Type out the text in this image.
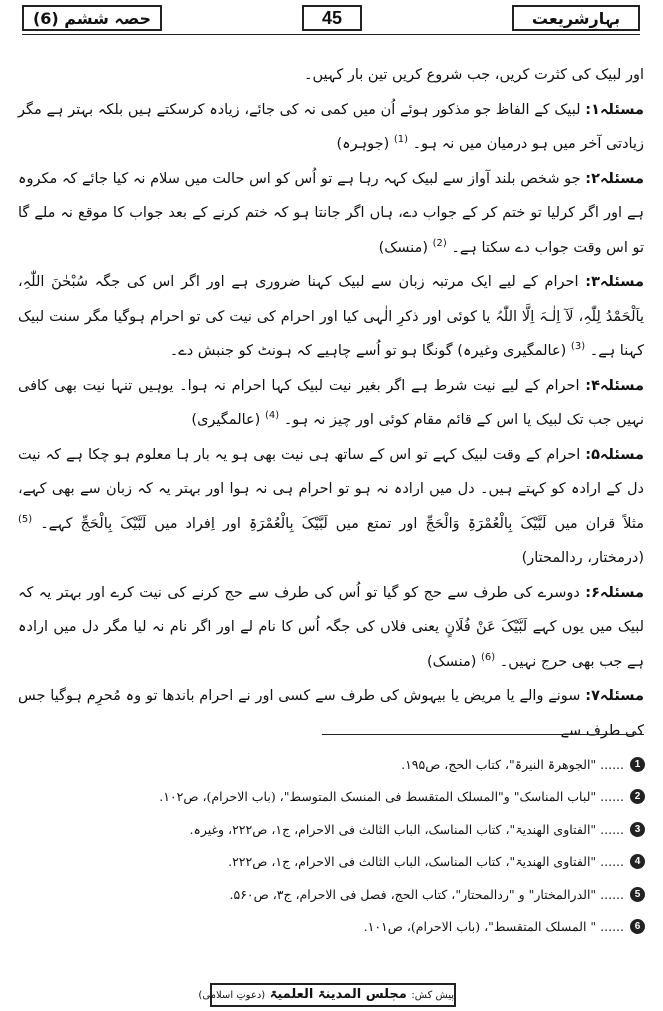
حصہ ششم (6)	45	بہارِشریعت

اور لبیک کی کثرت کریں، جب شروع کریں تین بار کہیں۔

مسئلہ۱: لبیک کے الفاظ جو مذکور ہوئے اُن میں کمی نہ کی جائے، زیادہ کرسکتے ہیں بلکہ بہتر ہے مگر زیادتی آخر میں ہو درمیان میں نہ ہو۔ $^{(1)}$ (جوہرہ)

مسئلہ۲: جو شخص بلند آواز سے لبیک کہہ رہا ہے تو اُس کو اس حالت میں سلام نہ کیا جائے کہ مکروہ ہے اور اگر کرلیا تو ختم کر کے جواب دے، ہاں اگر جانتا ہو کہ ختم کرنے کے بعد جواب کا موقع نہ ملے گا تو اس وقت جواب دے سکتا ہے۔ $^{(2)}$ (منسک)

مسئلہ۳: احرام کے لیے ایک مرتبہ زبان سے لبیک کہنا ضروری ہے اور اگر اس کی جگہ سُبْحٰنَ اللّٰہِ، یاَلْحَمْدُ لِلّٰہِ، لَآ اِلٰـہَ اِلَّا اللّٰہُ یا کوئی اور ذکرِ الٰہی کیا اور احرام کی نیت کی تو احرام ہوگیا مگر سنت لبیک کہنا ہے۔ $^{(3)}$ (عالمگیری وغیرہ) گونگا ہو تو اُسے چاہیے کہ ہونٹ کو جنبش دے۔

مسئلہ۴: احرام کے لیے نیت شرط ہے اگر بغیر نیت لبیک کہا احرام نہ ہوا۔ یوہیں تنہا نیت بھی کافی نہیں جب تک لبیک یا اس کے قائم مقام کوئی اور چیز نہ ہو۔ $^{(4)}$ (عالمگیری)

مسئلہ۵: احرام کے وقت لبیک کہے تو اس کے ساتھ ہی نیت بھی ہو یہ بار ہا معلوم ہو چکا ہے کہ نیت دل کے ارادہ کو کہتے ہیں۔ دل میں ارادہ نہ ہو تو احرام ہی نہ ہوا اور بہتر یہ کہ زبان سے بھی کہے، مثلاً قران میں لَبَّیْکَ بِالْعُمْرَۃِ وَالْحَجِّ اور تمتع میں لَبَّیْکَ بِالْعُمْرَۃِ اور اِفراد میں لَبَّیْکَ بِالْحَجِّ کہے۔ $^{(5)}$ (درمختار، ردالمحتار)

مسئلہ۶: دوسرے کی طرف سے حج کو گیا تو اُس کی طرف سے حج کرنے کی نیت کرے اور بہتر یہ کہ لبیک میں یوں کہے لَبَّیْکَ عَنْ فُلَانٍ یعنی فلاں کی جگہ اُس کا نام لے اور اگر نام نہ لیا مگر دل میں ارادہ ہے جب بھی حرج نہیں۔ $^{(6)}$ (منسک)

مسئلہ۷: سونے والے یا مریض یا بیہوش کی طرف سے کسی اور نے احرام باندھا تو وہ مُحرِم ہوگیا جس کی طرف سے

1
...... "الجوھرۃ النیرۃ"، کتاب الحج، ص۱۹۵.
2
...... "لباب المناسک" و"المسلک المتقسط فی المنسک المتوسط"، (باب الاحرام)، ص۱۰۲.
3
...... "الفتاوی الھندیۃ"، کتاب المناسک، الباب الثالث فی الاحرام، ج۱، ص۲۲۲، وغیرہ.
4
...... "الفتاوی الھندیۃ"، کتاب المناسک، الباب الثالث فی الاحرام، ج۱، ص۲۲۲.
5
...... "الدرالمختار" و "ردالمحتار"، کتاب الحج، فصل فی الاحرام، ج۳، ص۵۶۰.
6
...... " المسلک المتقسط"، (باب الاحرام)، ص۱۰۱.
پیش کش: مجلس المدینۃ العلمیۃ (دعوتِ اسلامی)
